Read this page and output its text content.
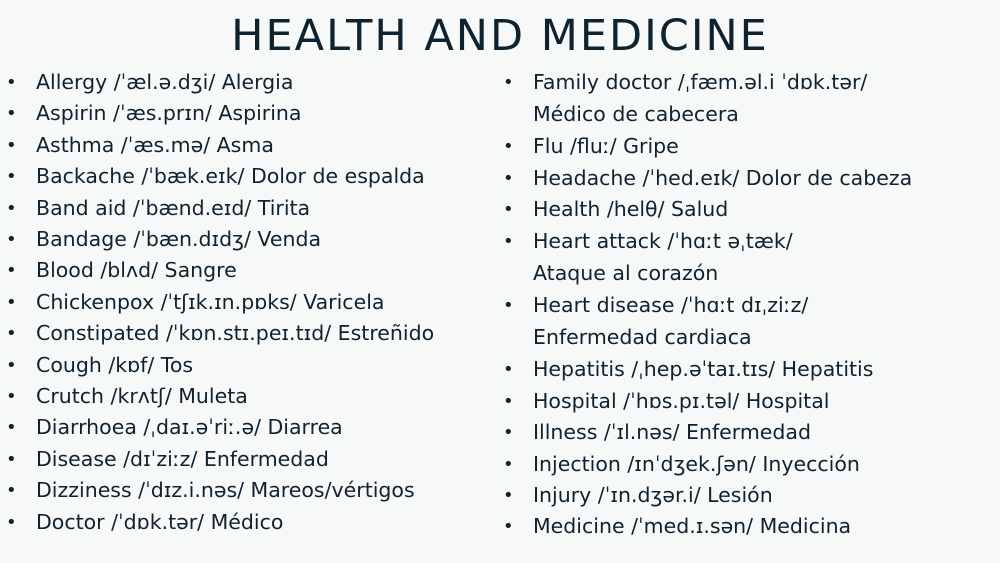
HEALTH AND MEDICINE
• Allergy /ˈæl.ə.dʒi/ Alergia
• Aspirin /ˈæs.prɪn/ Aspirina
• Asthma /ˈæs.mə/ Asma
• Backache /ˈbæk.eɪk/ Dolor de espalda
• Band aid /ˈbænd.eɪd/ Tirita
• Bandage /ˈbæn.dɪdʒ/ Venda
• Blood /blʌd/ Sangre
• Chickenpox /ˈtʃɪk.ɪn.pɒks/ Varicela
• Constipated /ˈkɒn.stɪ.peɪ.tɪd/ Estreñido
• Cough /kɒf/ Tos
• Crutch /krʌtʃ/ Muleta
• Diarrhoea /ˌdaɪ.əˈriː.ə/ Diarrea
• Disease /dɪˈziːz/ Enfermedad
• Dizziness /ˈdɪz.i.nəs/ Mareos/vértigos
• Doctor /ˈdɒk.tər/ Médico
• Family doctor /ˌfæm.əl.i ˈdɒk.tər/
Médico de cabecera
• Flu /fluː/ Gripe
• Headache /ˈhed.eɪk/ Dolor de cabeza
• Health /helθ/ Salud
• Heart attack /ˈhɑːt əˌtæk/
Ataque al corazón
• Heart disease /ˈhɑːt dɪˌziːz/
Enfermedad cardiaca
• Hepatitis /ˌhep.əˈtaɪ.tɪs/ Hepatitis
• Hospital /ˈhɒs.pɪ.təl/ Hospital
• Illness /ˈɪl.nəs/ Enfermedad
• Injection /ɪnˈdʒek.ʃən/ Inyección
• Injury /ˈɪn.dʒər.i/ Lesión
• Medicine /ˈmed.ɪ.sən/ Medicina
